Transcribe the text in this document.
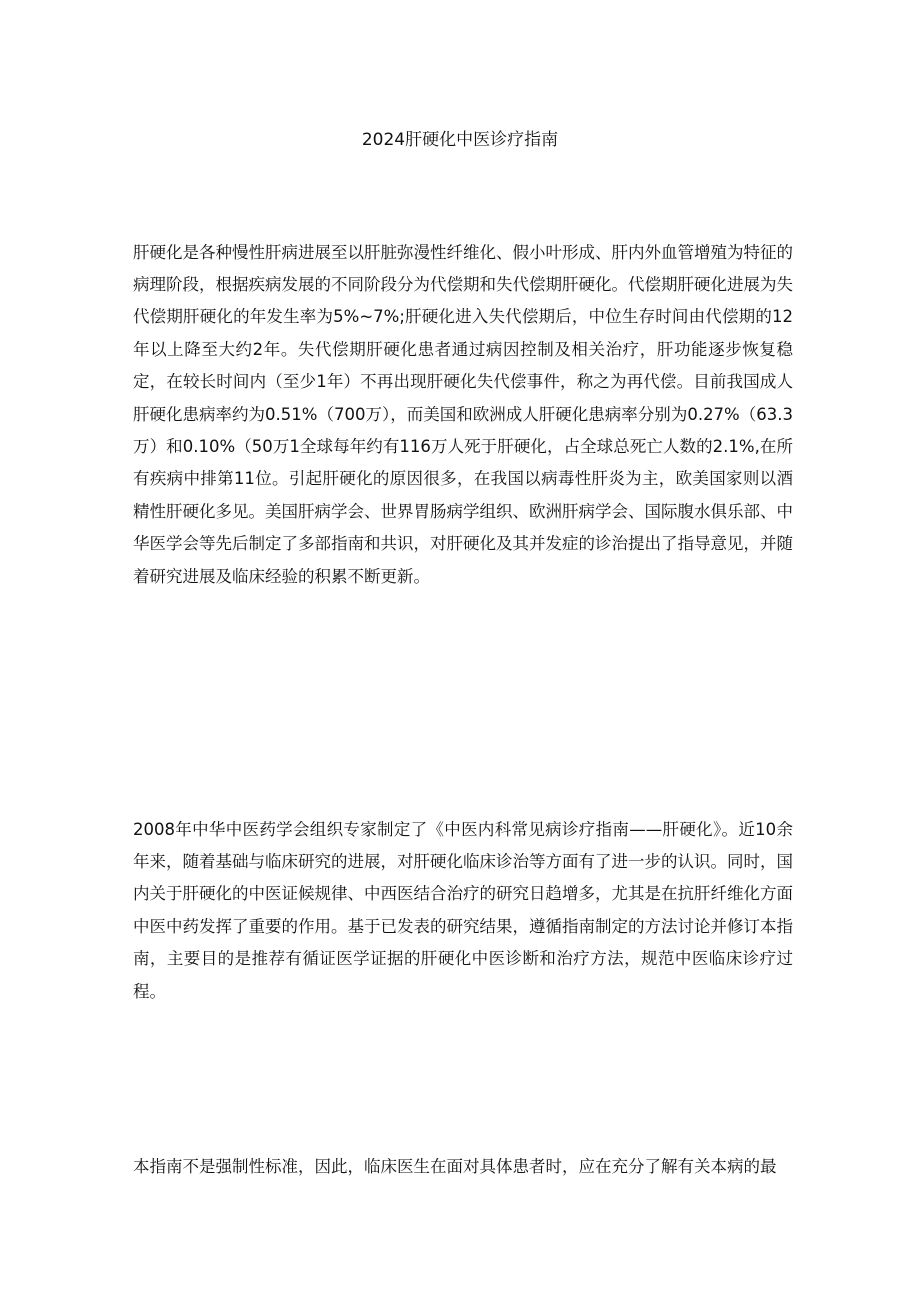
2024肝硬化中医诊疗指南

肝硬化是各种慢性肝病进展至以肝脏弥漫性纤维化、假小叶形成、肝内外血管增殖为特征的病理阶段，根据疾病发展的不同阶段分为代偿期和失代偿期肝硬化。代偿期肝硬化进展为失代偿期肝硬化的年发生率为5%~7%;肝硬化进入失代偿期后，中位生存时间由代偿期的12年以上降至大约2年。失代偿期肝硬化患者通过病因控制及相关治疗，肝功能逐步恢复稳定，在较长时间内（至少1年）不再出现肝硬化失代偿事件，称之为再代偿。目前我国成人肝硬化患病率约为0.51%（700万），而美国和欧洲成人肝硬化患病率分别为0.27%（63.3万）和0.10%（50万1全球每年约有116万人死于肝硬化，占全球总死亡人数的2.1%,在所有疾病中排第11位。引起肝硬化的原因很多，在我国以病毒性肝炎为主，欧美国家则以酒精性肝硬化多见。美国肝病学会、世界胃肠病学组织、欧洲肝病学会、国际腹水俱乐部、中华医学会等先后制定了多部指南和共识，对肝硬化及其并发症的诊治提出了指导意见，并随着研究进展及临床经验的积累不断更新。

2008年中华中医药学会组织专家制定了《中医内科常见病诊疗指南——肝硬化》。近10余年来，随着基础与临床研究的进展，对肝硬化临床诊治等方面有了进一步的认识。同时，国内关于肝硬化的中医证候规律、中西医结合治疗的研究日趋增多，尤其是在抗肝纤维化方面中医中药发挥了重要的作用。基于已发表的研究结果，遵循指南制定的方法讨论并修订本指南，主要目的是推荐有循证医学证据的肝硬化中医诊断和治疗方法，规范中医临床诊疗过程。

本指南不是强制性标准，因此，临床医生在面对具体患者时，应在充分了解有关本病的最
